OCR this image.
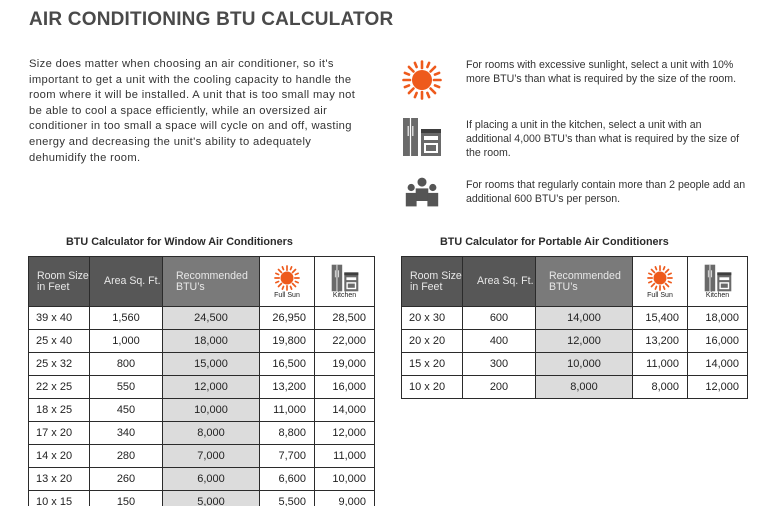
AIR CONDITIONING BTU CALCULATOR

Size does matter when choosing an air conditioner, so it's important to get a unit with the cooling capacity to handle the room where it will be installed. A unit that is too small may not be able to cool a space efficiently, while an oversized air conditioner in too small a space will cycle on and off, wasting energy and decreasing the unit's ability to adequately dehumidify the room.

For rooms with excessive sunlight, select a unit with 10% more BTU’s than what is required by the size of the room.
If placing a unit in the kitchen, select a unit with an additional 4,000 BTU’s than what is required by the size of the room.
For rooms that regularly contain more than 2 people add an additional 600 BTU’s per person.
BTU Calculator for Window Air Conditioners
Room Size in Feet	Area Sq. Ft.	Recommended BTU’s	Full Sun	Kitchen

39 x 40	1,560	24,500	26,950	28,500
25 x 40	1,000	18,000	19,800	22,000
25 x 32	800	15,000	16,500	19,000
22 x 25	550	12,000	13,200	16,000
18 x 25	450	10,000	11,000	14,000
17 x 20	340	8,000	8,800	12,000
14 x 20	280	7,000	7,700	11,000
13 x 20	260	6,000	6,600	10,000
10 x 15	150	5,000	5,500	9,000
BTU Calculator for Portable Air Conditioners
Room Size in Feet	Area Sq. Ft.	Recommended BTU’s	Full Sun	Kitchen

20 x 30	600	14,000	15,400	18,000
20 x 20	400	12,000	13,200	16,000
15 x 20	300	10,000	11,000	14,000
10 x 20	200	8,000	8,000	12,000
